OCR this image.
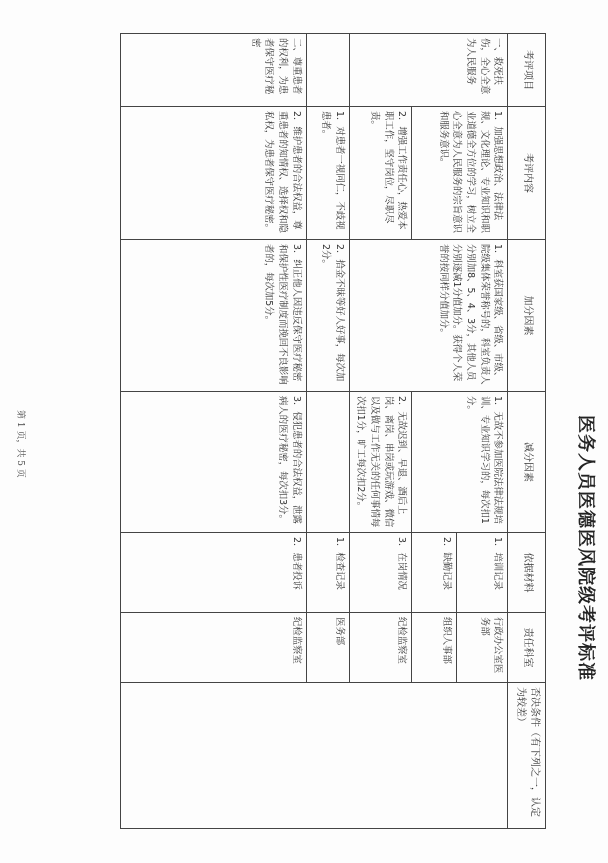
医务人员医德医风院级考评标准
考评项目	考评内容	加分因素	减分因素	依据材料	责任科室	否决条件（有下列之一，认定为较差）
一、救死扶伤，全心全意为人民服务	1．加强思想政治、法律法规、文化理论、专业知识和职业道德全方位的学习，树立全心全意为人民服务的宗旨意识和服务意识。	1．科室获国家级、省级、市级、院级集体荣誉称号的，科室负责人分别加8、5、4、3分，其他人员分别逐减1分值加分。获得个人荣誉的按同样分值加分。	1．无故不参加医院法律法规培训、专业知识学习的，每次扣1分。	1．培训记录	行政办公室医务部	
				2．缺勤记录	组织人事部	
	2．增强工作责任心，热爱本职工作，坚守岗位，尽职尽责。		2．无故迟到、早退、酒后上岗、离岗、串岗或玩游戏、微信以及做与工作无关的任何事情每次扣1分，旷工每次扣2分。	3．在岗情况	纪检监察室	
	1．对患者一视同仁，不歧视患者。	2．拾金不昧等好人好事，每次加2分。		1．检查记录	医务部	
二、尊重患者的权利，为患者保守医疗秘密	2．维护患者的合法权益，尊重患者的知情权、选择权和隐私权，为患者保守医疗秘密。	3．纠正他人因违反保守医疗秘密和保护性医疗制度而挽回不良影响者的，每次加5分。	3．侵犯患者的合法权益，泄露病人的医疗秘密，每次扣3分。	2．患者投诉	纪检监察室	

第 1 页，共 5 页
